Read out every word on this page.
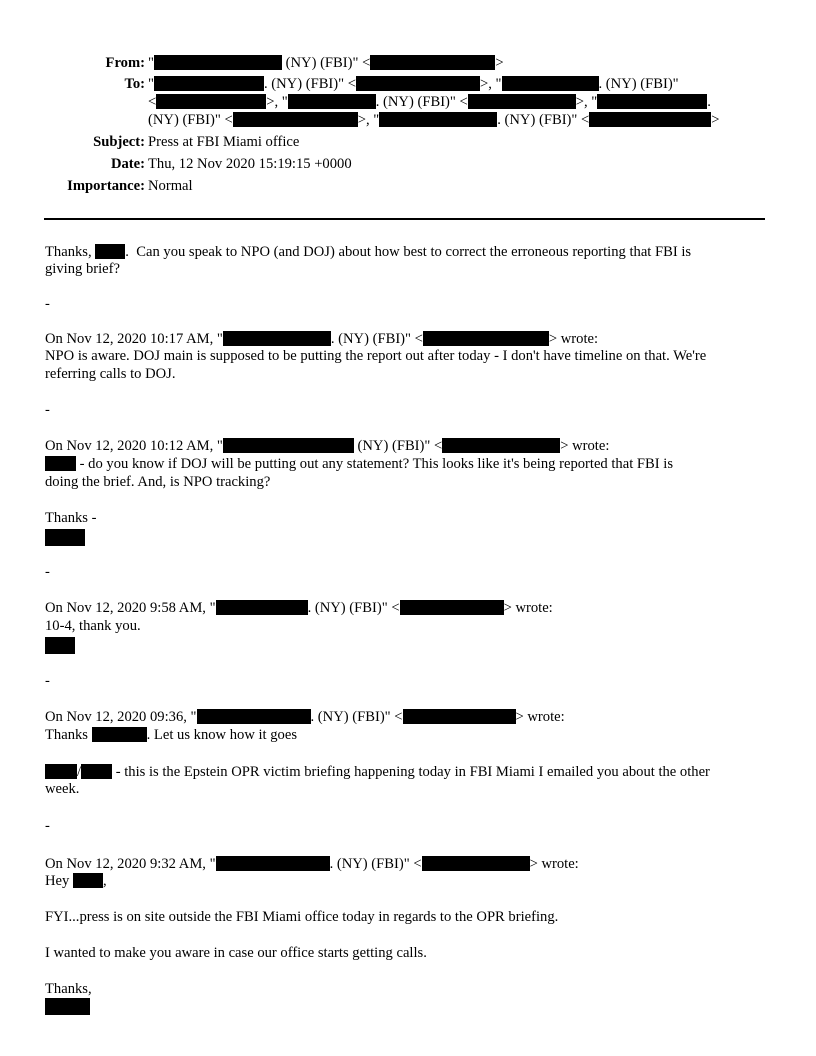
From: "	(NY) (FBI)" <	>
To: "	. (NY) (FBI)" <	>, "	. (NY) (FBI)"
<	>, "	. (NY) (FBI)" <	>, "	.
(NY) (FBI)" <	>, "	. (NY) (FBI)" <	>
Subject: Press at FBI Miami office
Date: Thu, 12 Nov 2020 15:19:15 +0000
Importance: Normal
Thanks, .  Can you speak to NPO (and DOJ) about how best to correct the erroneous reporting that FBI is
giving brief?
-
On Nov 12, 2020 10:17 AM, "	. (NY) (FBI)" <	> wrote:
NPO is aware. DOJ main is supposed to be putting the report out after today - I don't have timeline on that. We're
referring calls to DOJ.
-
On Nov 12, 2020 10:12 AM, "	(NY) (FBI)" <	> wrote:
- do you know if DOJ will be putting out any statement? This looks like it's being reported that FBI is
doing the brief. And, is NPO tracking?
Thanks -
-
On Nov 12, 2020 9:58 AM, "	. (NY) (FBI)" <	> wrote:
10-4, thank you.
-
On Nov 12, 2020 09:36, "	. (NY) (FBI)" <	> wrote:
Thanks	. Let us know how it goes
/ - this is the Epstein OPR victim briefing happening today in FBI Miami I emailed you about the other
week.
-
On Nov 12, 2020 9:32 AM, "	. (NY) (FBI)" <	> wrote:
Hey ,
FYI...press is on site outside the FBI Miami office today in regards to the OPR briefing.
I wanted to make you aware in case our office starts getting calls.
Thanks,
